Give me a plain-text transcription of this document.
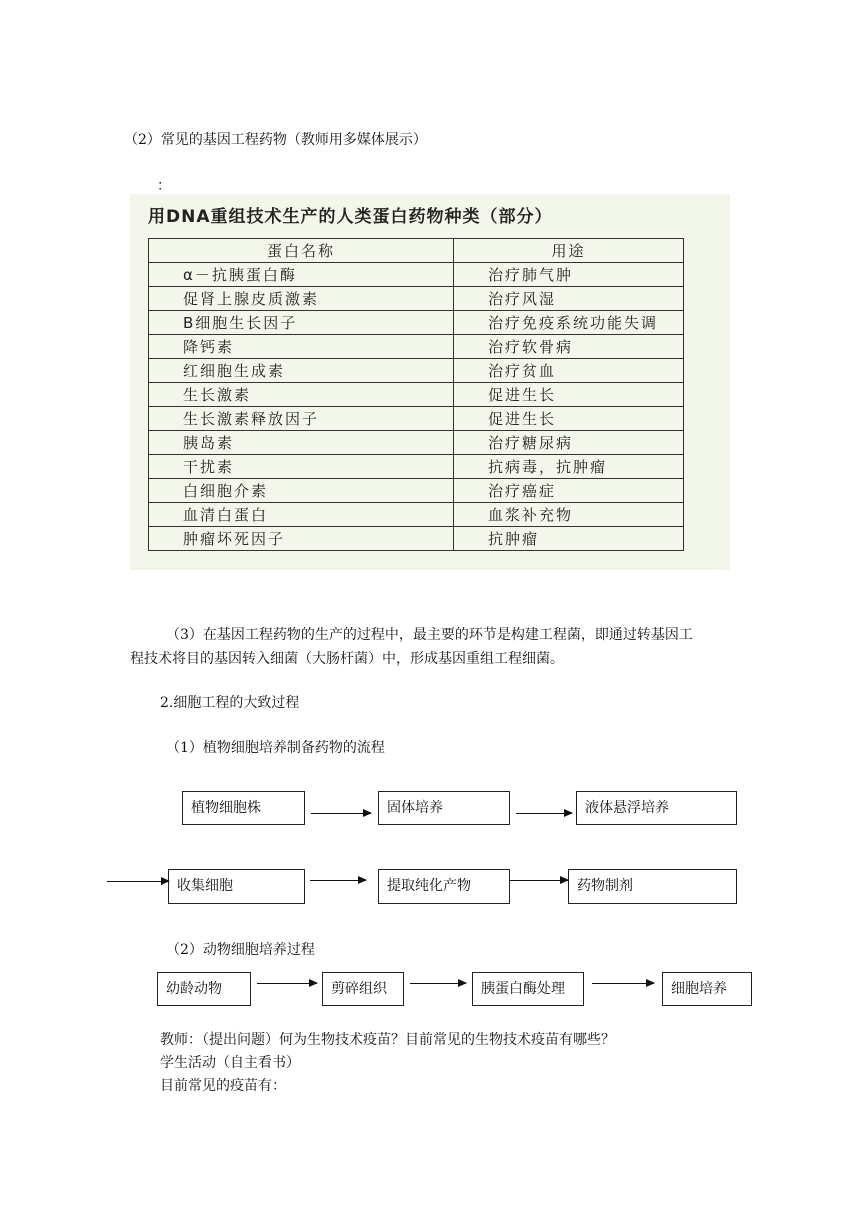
（2）常见的基因工程药物（教师用多媒体展示）
：
用DNA重组技术生产的人类蛋白药物种类（部分）
蛋白名称	用途
α－抗胰蛋白酶	治疗肺气肿
促肾上腺皮质激素	治疗风湿
B细胞生长因子	治疗免疫系统功能失调
降钙素	治疗软骨病
红细胞生成素	治疗贫血
生长激素	促进生长
生长激素释放因子	促进生长
胰岛素	治疗糖尿病
干扰素	抗病毒，抗肿瘤
白细胞介素	治疗癌症
血清白蛋白	血浆补充物
肿瘤坏死因子	抗肿瘤
（3）在基因工程药物的生产的过程中，最主要的环节是构建工程菌，即通过转基因工
程技术将目的基因转入细菌（大肠杆菌）中，形成基因重组工程细菌。
2.细胞工程的大致过程
（1）植物细胞培养制备药物的流程
植物细胞株	固体培养	液体悬浮培养
收集细胞	提取纯化产物	药物制剂
（2）动物细胞培养过程
幼龄动物	剪碎组织	胰蛋白酶处理	细胞培养
教师：（提出问题）何为生物技术疫苗？目前常见的生物技术疫苗有哪些？
学生活动（自主看书）
目前常见的疫苗有：
